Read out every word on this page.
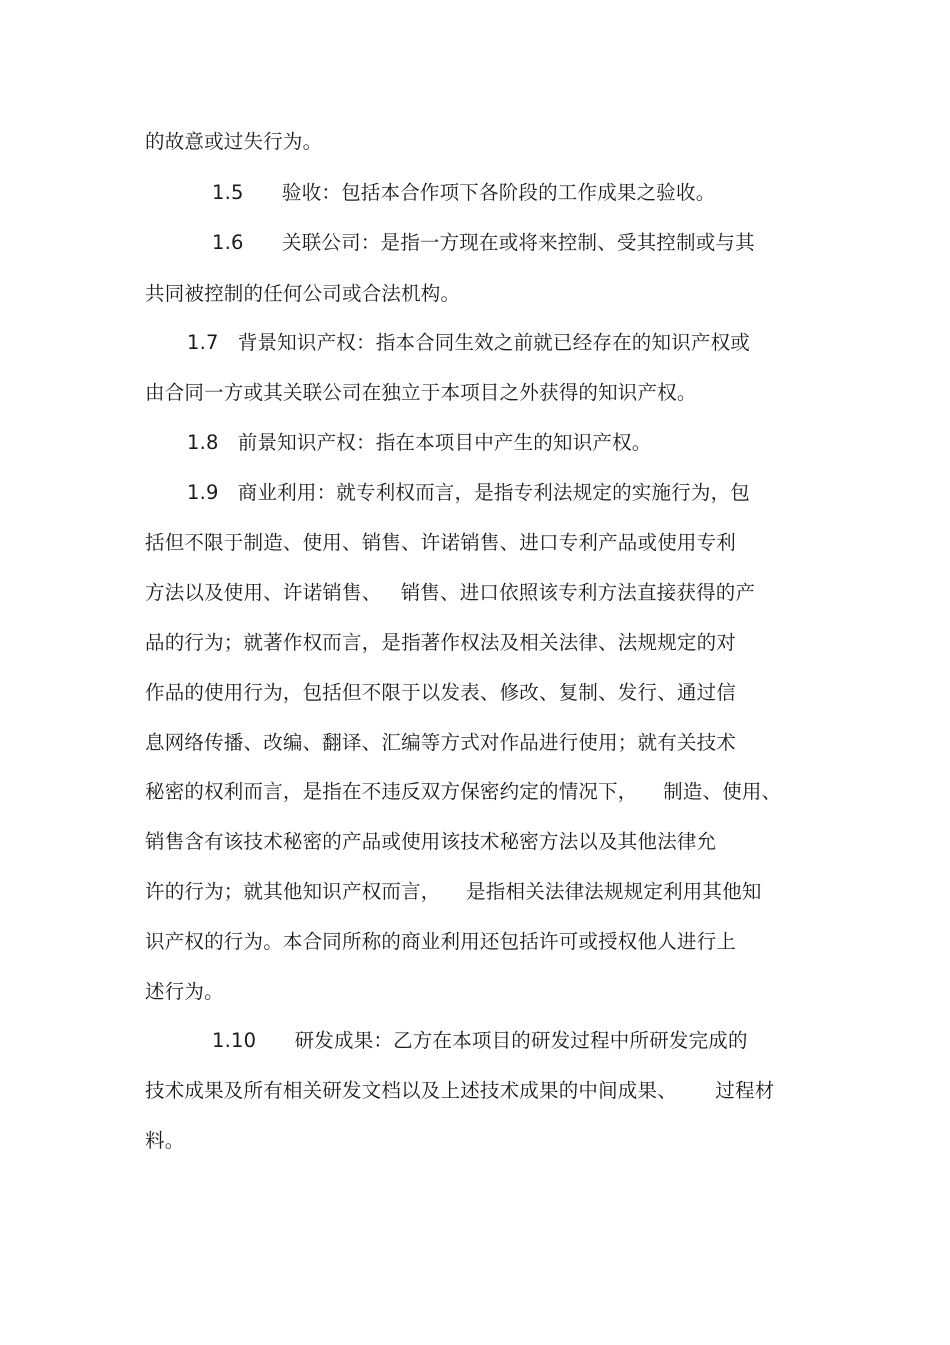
的故意或过失行为。
1.5      验收：包括本合作项下各阶段的工作成果之验收。
1.6      关联公司：是指一方现在或将来控制、受其控制或与其
共同被控制的任何公司或合法机构。
1.7   背景知识产权：指本合同生效之前就已经存在的知识产权或
由合同一方或其关联公司在独立于本项目之外获得的知识产权。
1.8   前景知识产权：指在本项目中产生的知识产权。
1.9   商业利用：就专利权而言，是指专利法规定的实施行为，包
括但不限于制造、使用、销售、许诺销售、进口专利产品或使用专利
方法以及使用、许诺销售、   销售、进口依照该专利方法直接获得的产
品的行为；就著作权而言，是指著作权法及相关法律、法规规定的对
作品的使用行为，包括但不限于以发表、修改、复制、发行、通过信
息网络传播、改编、翻译、汇编等方式对作品进行使用；就有关技术
秘密的权利而言，是指在不违反双方保密约定的情况下，    制造、使用、
销售含有该技术秘密的产品或使用该技术秘密方法以及其他法律允
许的行为；就其他知识产权而言，    是指相关法律法规规定利用其他知
识产权的行为。本合同所称的商业利用还包括许可或授权他人进行上
述行为。
1.10      研发成果：乙方在本项目的研发过程中所研发完成的
技术成果及所有相关研发文档以及上述技术成果的中间成果、      过程材
料。
